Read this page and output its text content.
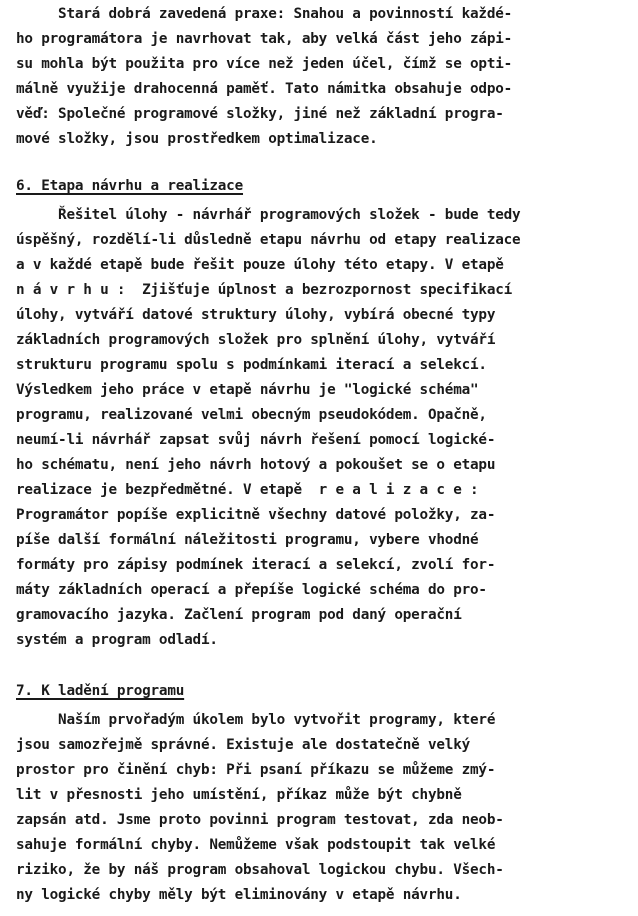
Stará dobrá zavedená praxe: Snahou a povinností každé-
ho programátora je navrhovat tak, aby velká část jeho zápi-
su mohla být použita pro více než jeden účel, čímž se opti-
málně využije drahocenná paměť. Tato námitka obsahuje odpo-
věď: Společné programové složky, jiné než základní progra-
mové složky, jsou prostředkem optimalizace.
6. Etapa návrhu a realizace
Řešitel úlohy - návrhář programových složek - bude tedy
úspěšný, rozdělí-li důsledně etapu návrhu od etapy realizace
a v každé etapě bude řešit pouze úlohy této etapy. V etapě
n á v r h u :  Zjišťuje úplnost a bezrozpornost specifikací
úlohy, vytváří datové struktury úlohy, vybírá obecné typy
základních programových složek pro splnění úlohy, vytváří
strukturu programu spolu s podmínkami iterací a selekcí.
Výsledkem jeho práce v etapě návrhu je "logické schéma"
programu, realizované velmi obecným pseudokódem. Opačně,
neumí-li návrhář zapsat svůj návrh řešení pomocí logické-
ho schématu, není jeho návrh hotový a pokoušet se o etapu
realizace je bezpředmětné. V etapě  r e a l i z a c e :
Programátor popíše explicitně všechny datové položky, za-
píše další formální náležitosti programu, vybere vhodné
formáty pro zápisy podmínek iterací a selekcí, zvolí for-
máty základních operací a přepíše logické schéma do pro-
gramovacího jazyka. Začlení program pod daný operační
systém a program odladí.
7. K ladění programu
Naším prvořadým úkolem bylo vytvořit programy, které
jsou samozřejmě správné. Existuje ale dostatečně velký
prostor pro činění chyb: Při psaní příkazu se můžeme zmý-
lit v přesnosti jeho umístění, příkaz může být chybně
zapsán atd. Jsme proto povinni program testovat, zda neob-
sahuje formální chyby. Nemůžeme však podstoupit tak velké
riziko, že by náš program obsahoval logickou chybu. Všech-
ny logické chyby měly být eliminovány v etapě návrhu.
